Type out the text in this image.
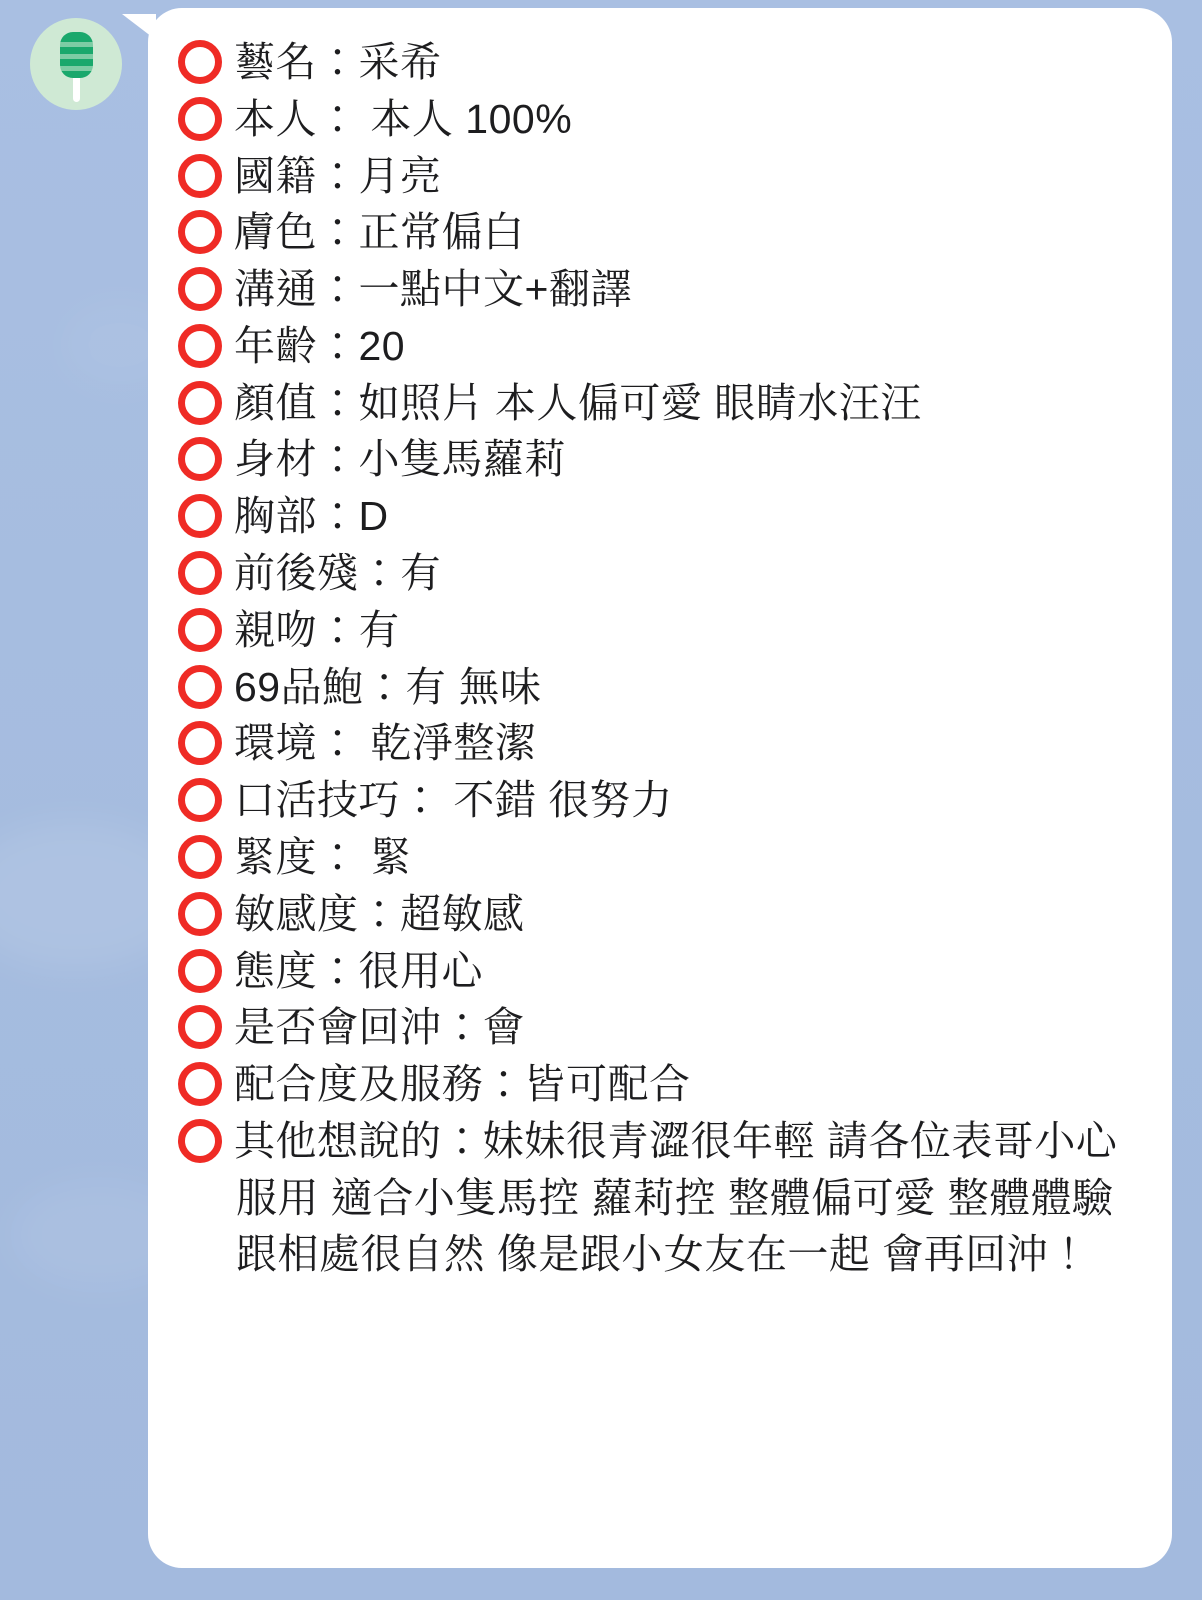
藝名：采希
本人： 本人 100%
國籍：月亮
膚色：正常偏白
溝通：一點中文+翻譯
年齡：20
顏值：如照片 本人偏可愛 眼睛水汪汪
身材：小隻馬蘿莉
胸部：D
前後殘：有
親吻：有
69品鮑：有 無味
環境： 乾淨整潔
口活技巧： 不錯 很努力
緊度： 緊
敏感度：超敏感
態度：很用心
是否會回沖：會
配合度及服務：皆可配合
其他想說的：妹妹很青澀很年輕 請各位表哥小心服用 適合小隻馬控 蘿莉控 整體偏可愛 整體體驗跟相處很自然 像是跟小女友在一起 會再回沖！
